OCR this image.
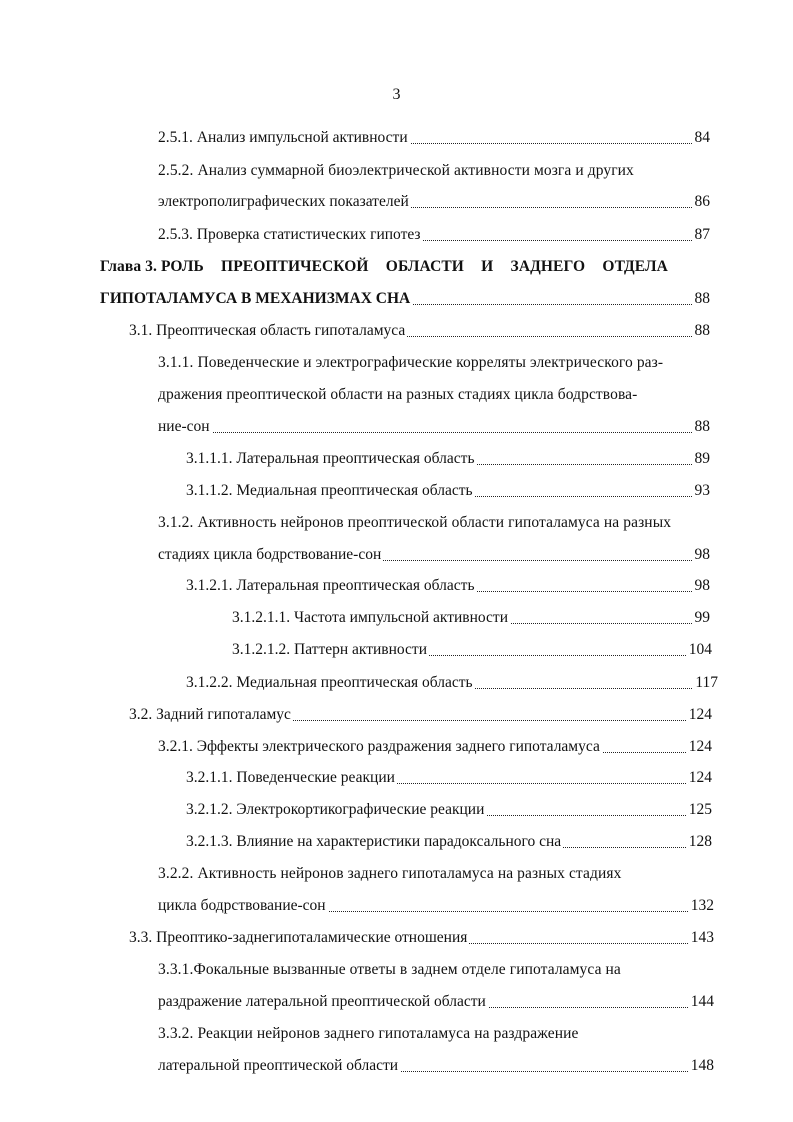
3
2.5.1. Анализ импульсной активности	84
2.5.2. Анализ суммарной биоэлектрической активности мозга и других
электрополиграфических показателей	86
2.5.3. Проверка статистических гипотез	87
Глава 3. РОЛЬ ПРЕОПТИЧЕСКОЙ ОБЛАСТИ И ЗАДНЕГО ОТДЕЛА
ГИПОТАЛАМУСА В МЕХАНИЗМАХ СНА	88
3.1. Преоптическая область гипоталамуса	88
3.1.1. Поведенческие и электрографические корреляты электрического раз-
дражения преоптической области на разных стадиях цикла бодрствова-
ние-сон	88
3.1.1.1. Латеральная преоптическая область	89
3.1.1.2. Медиальная преоптическая область	93
3.1.2. Активность нейронов преоптической области гипоталамуса на разных
стадиях цикла бодрствование-сон	98
3.1.2.1. Латеральная преоптическая область	98
3.1.2.1.1. Частота импульсной активности	99
3.1.2.1.2. Паттерн активности	104
3.1.2.2. Медиальная преоптическая область	117
3.2. Задний гипоталамус	124
3.2.1. Эффекты электрического раздражения заднего гипоталамуса	124
3.2.1.1. Поведенческие реакции	124
3.2.1.2. Электрокортикографические реакции	125
3.2.1.3. Влияние на характеристики парадоксального сна	128
3.2.2. Активность нейронов заднего гипоталамуса на разных стадиях
цикла бодрствование-сон	132
3.3. Преоптико-заднегипоталамические отношения	143
3.3.1.Фокальные вызванные ответы в заднем отделе гипоталамуса на
раздражение латеральной преоптической области	144
3.3.2. Реакции нейронов заднего гипоталамуса на раздражение
латеральной преоптической области	148
